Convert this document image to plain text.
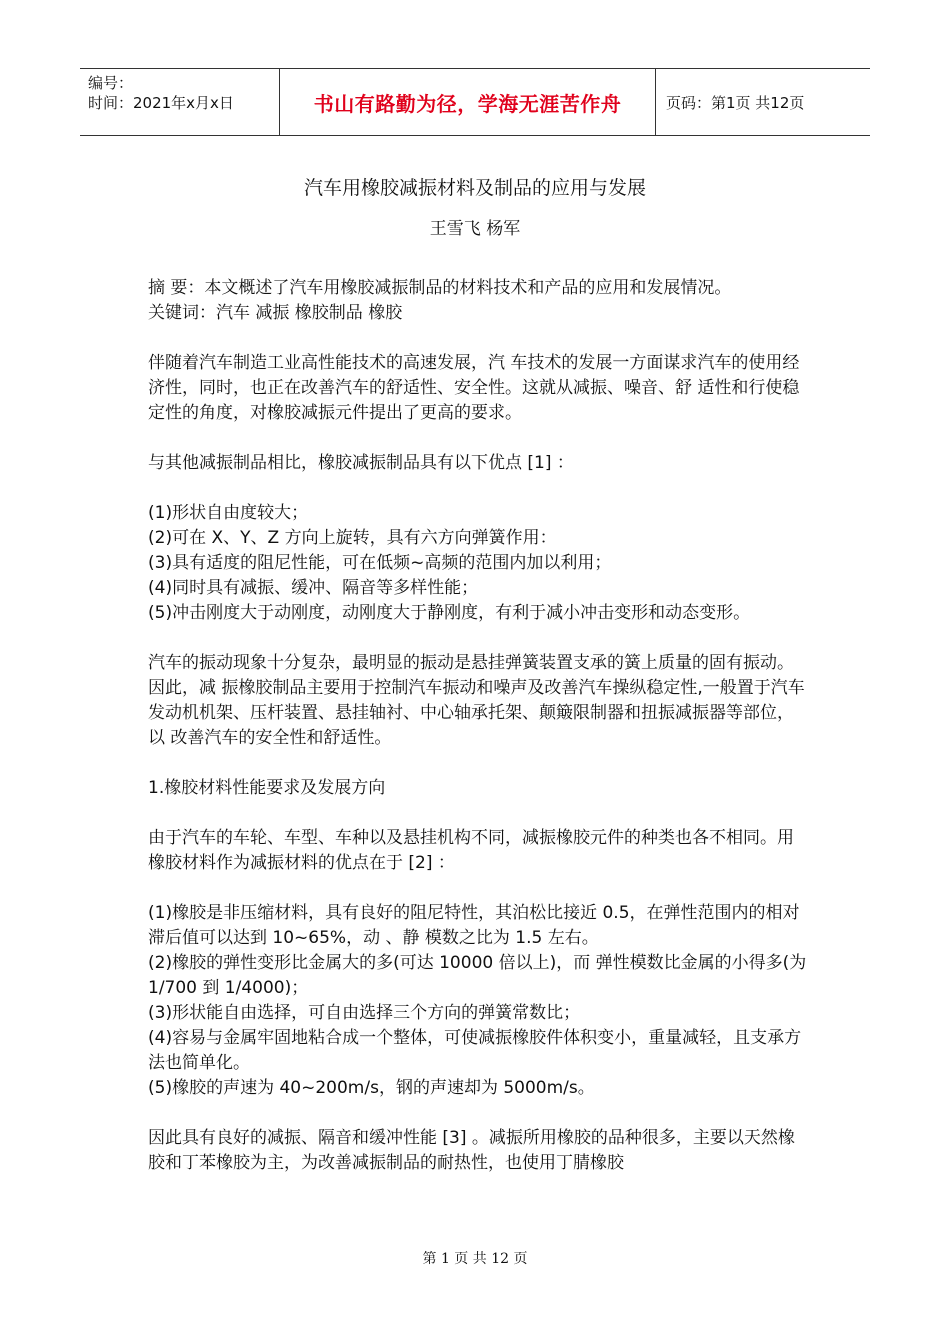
编号：
时间：2021年x月x日	书山有路勤为径，学海无涯苦作舟	页码：第1页 共12页
汽车用橡胶减振材料及制品的应用与发展
王雪飞 杨军

摘 要：本文概述了汽车用橡胶减振制品的材料技术和产品的应用和发展情况。

关键词：汽车 减振 橡胶制品 橡胶

伴随着汽车制造工业高性能技术的高速发展，汽 车技术的发展一方面谋求汽车的使用经济性，同时，也正在改善汽车的舒适性、安全性。这就从减振、噪音、舒 适性和行使稳定性的角度，对橡胶减振元件提出了更高的要求。

与其他减振制品相比，橡胶减振制品具有以下优点 [1] ：

(1)形状自由度较大；

(2)可在 X、Y、Z 方向上旋转，具有六方向弹簧作用：

(3)具有适度的阻尼性能，可在低频~高频的范围内加以利用；

(4)同时具有减振、缓冲、隔音等多样性能；

(5)冲击刚度大于动刚度，动刚度大于静刚度，有利于减小冲击变形和动态变形。

汽车的振动现象十分复杂，最明显的振动是悬挂弹簧装置支承的簧上质量的固有振动。因此，减 振橡胶制品主要用于控制汽车振动和噪声及改善汽车操纵稳定性,一般置于汽车发动机机架、压杆装置、悬挂轴衬、中心轴承托架、颠簸限制器和扭振减振器等部位，以 改善汽车的安全性和舒适性。

1.橡胶材料性能要求及发展方向

由于汽车的车轮、车型、车种以及悬挂机构不同，减振橡胶元件的种类也各不相同。用橡胶材料作为减振材料的优点在于 [2] ：

(1)橡胶是非压缩材料，具有良好的阻尼特性，其泊松比接近 0.5，在弹性范围内的相对滞后值可以达到 10~65%，动 、静 模数之比为 1.5 左右。

(2)橡胶的弹性变形比金属大的多(可达 10000 倍以上)，而 弹性模数比金属的小得多(为 1/700 到 1/4000)；

(3)形状能自由选择，可自由选择三个方向的弹簧常数比；

(4)容易与金属牢固地粘合成一个整体，可使减振橡胶件体积变小，重量减轻，且支承方法也简单化。

(5)橡胶的声速为 40~200m/s，钢的声速却为 5000m/s。

因此具有良好的减振、隔音和缓冲性能 [3] 。减振所用橡胶的品种很多，主要以天然橡胶和丁苯橡胶为主，为改善减振制品的耐热性，也使用丁腈橡胶

第 1 页 共 12 页
